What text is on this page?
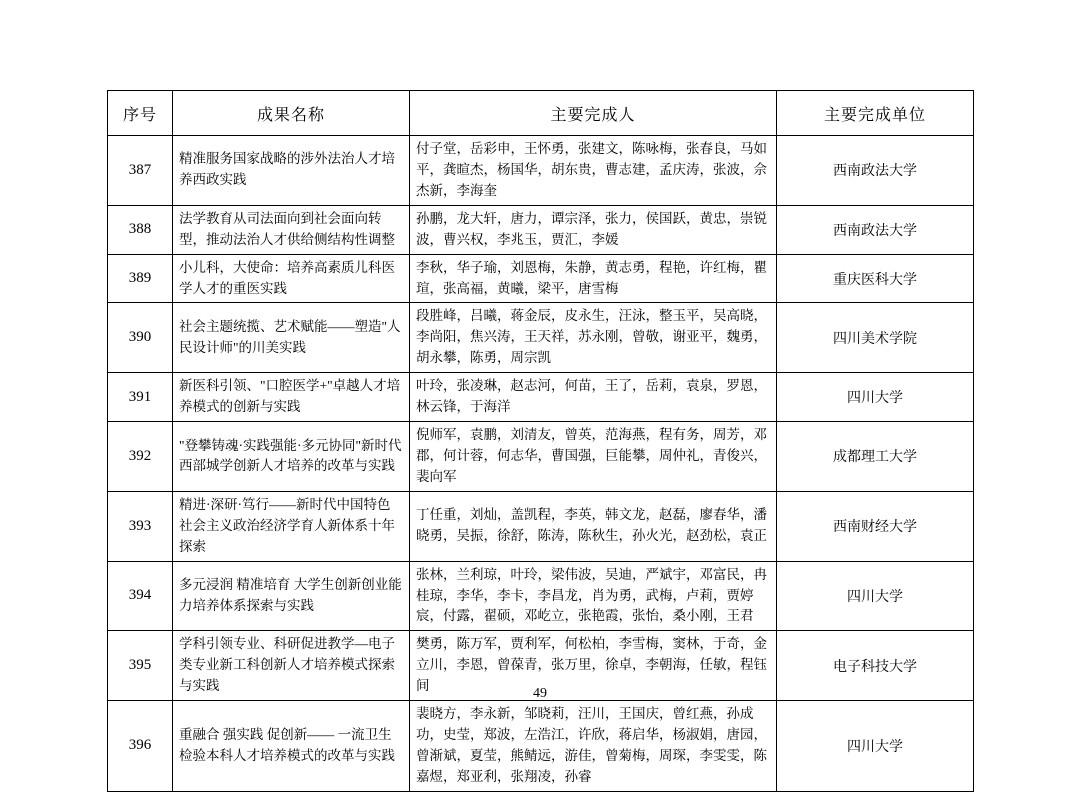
序号	成果名称	主要完成人	主要完成单位
387	精准服务国家战略的涉外法治人才培养西政实践	付子堂，岳彩申，王怀勇，张建文，陈咏梅，张春良，马如平，龚暄杰，杨国华，胡东贵，曹志建，孟庆涛，张波，佘杰新，李海奎	西南政法大学
388	法学教育从司法面向到社会面向转型，推动法治人才供给侧结构性调整	孙鹏，龙大轩，唐力，谭宗泽，张力，侯国跃，黄忠，崇锐波，曹兴权，李兆玉，贾汇，李媛	西南政法大学
389	小儿科，大使命：培养高素质儿科医学人才的重医实践	李秋，华子瑜，刘恩梅，朱静，黄志勇，程艳，许红梅，瞿瑄，张高福，黄曦，梁平，唐雪梅	重庆医科大学
390	社会主题统揽、艺术赋能——塑造"人民设计师"的川美实践	段胜峰，吕曦，蒋金辰，皮永生，汪泳，整玉平，吴高晓，李尚阳，焦兴涛，王天祥，苏永刚，曾敬，谢亚平，魏勇，胡永攀，陈勇，周宗凯	四川美术学院
391	新医科引领、"口腔医学+"卓越人才培养模式的创新与实践	叶玲，张凌琳，赵志河，何苗，王了，岳莉，袁泉，罗恩，林云锋，于海洋	四川大学
392	"登攀铸魂·实践强能·多元协同"新时代西部城学创新人才培养的改革与实践	倪师军，袁鹏，刘清友，曾英，范海燕，程有务，周芳，邓郡，何计蓉，何志华，曹国强，巨能攀，周仲礼，青俊兴，裴向军	成都理工大学
393	精进·深研·笃行——新时代中国特色社会主义政治经济学育人新体系十年探索	丁任重，刘灿，盖凯程，李英，韩文龙，赵磊，廖春华，潘晓勇，吴振，徐舒，陈涛，陈秋生，孙火光，赵劲松，袁正	西南财经大学
394	多元浸润 精准培育 大学生创新创业能力培养体系探索与实践	张林，兰利琼，叶玲，梁伟波，吴迪，严斌宇，邓富民，冉桂琼，李华，李卡，李昌龙，肖为勇，武梅，卢莉，贾婷宸，付露，翟硕，邓屹立，张艳霞，张怡，桑小刚，王君	四川大学
395	学科引领专业、科研促进教学—电子类专业新工科创新人才培养模式探索与实践	樊勇，陈万军，贾利军，何松柏，李雪梅，窦林，于奇，金立川，李恩，曾葆青，张万里，徐卓，李朝海，任敏，程钰间	电子科技大学
396	重融合 强实践 促创新—— 一流卫生检验本科人才培养模式的改革与实践	裴晓方，李永新，邹晓莉，汪川，王国庆，曾红燕，孙成功，史莹，郑波，左浩江，许欣，蒋启华，杨淑娟，唐园，曾渐斌，夏莹，熊鲭远，游佳，曾菊梅，周琛，李雯雯，陈嘉煜，郑亚利，张翔凌，孙睿	四川大学
49
